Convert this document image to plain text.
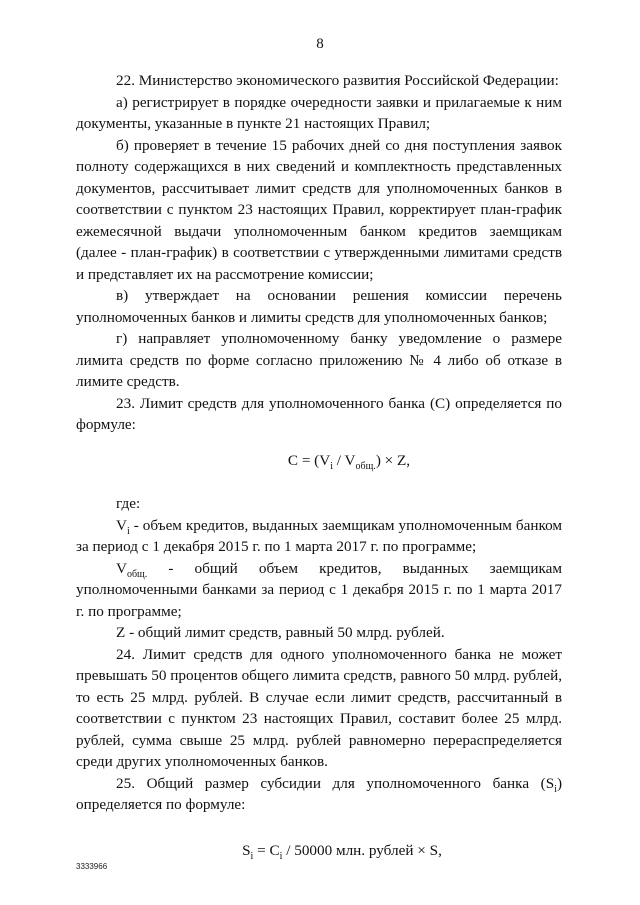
8

22. Министерство экономического развития Российской Федерации:

а) регистрирует в порядке очередности заявки и прилагаемые к ним документы, указанные в пункте 21 настоящих Правил;

б) проверяет в течение 15 рабочих дней со дня поступления заявок полноту содержащихся в них сведений и комплектность представленных документов, рассчитывает лимит средств для уполномоченных банков в соответствии с пунктом 23 настоящих Правил, корректирует план-график ежемесячной выдачи уполномоченным банком кредитов заемщикам (далее - план-график) в соответствии с утвержденными лимитами средств и представляет их на рассмотрение комиссии;

в) утверждает на основании решения комиссии перечень уполномоченных банков и лимиты средств для уполномоченных банков;

г) направляет уполномоченному банку уведомление о размере лимита средств по форме согласно приложению № 4 либо об отказе в лимите средств.

23. Лимит средств для уполномоченного банка (С) определяется по формуле:

$C = (V_i / V_{общ.}) \times Z$,

где:

$V_i$ - объем кредитов, выданных заемщикам уполномоченным банком за период с 1 декабря 2015 г. по 1 марта 2017 г. по программе;

$V_{общ.}$ - общий объем кредитов, выданных заемщикам уполномоченными банками за период с 1 декабря 2015 г. по 1 марта 2017 г. по программе;

Z - общий лимит средств, равный 50 млрд. рублей.

24. Лимит средств для одного уполномоченного банка не может превышать 50 процентов общего лимита средств, равного 50 млрд. рублей, то есть 25 млрд. рублей. В случае если лимит средств, рассчитанный в соответствии с пунктом 23 настоящих Правил, составит более 25 млрд. рублей, сумма свыше 25 млрд. рублей равномерно перераспределяется среди других уполномоченных банков.

25. Общий размер субсидии для уполномоченного банка $(S_i)$ определяется по формуле:

$S_i = C_i / 50000$ млн. рублей × S,

3333966
